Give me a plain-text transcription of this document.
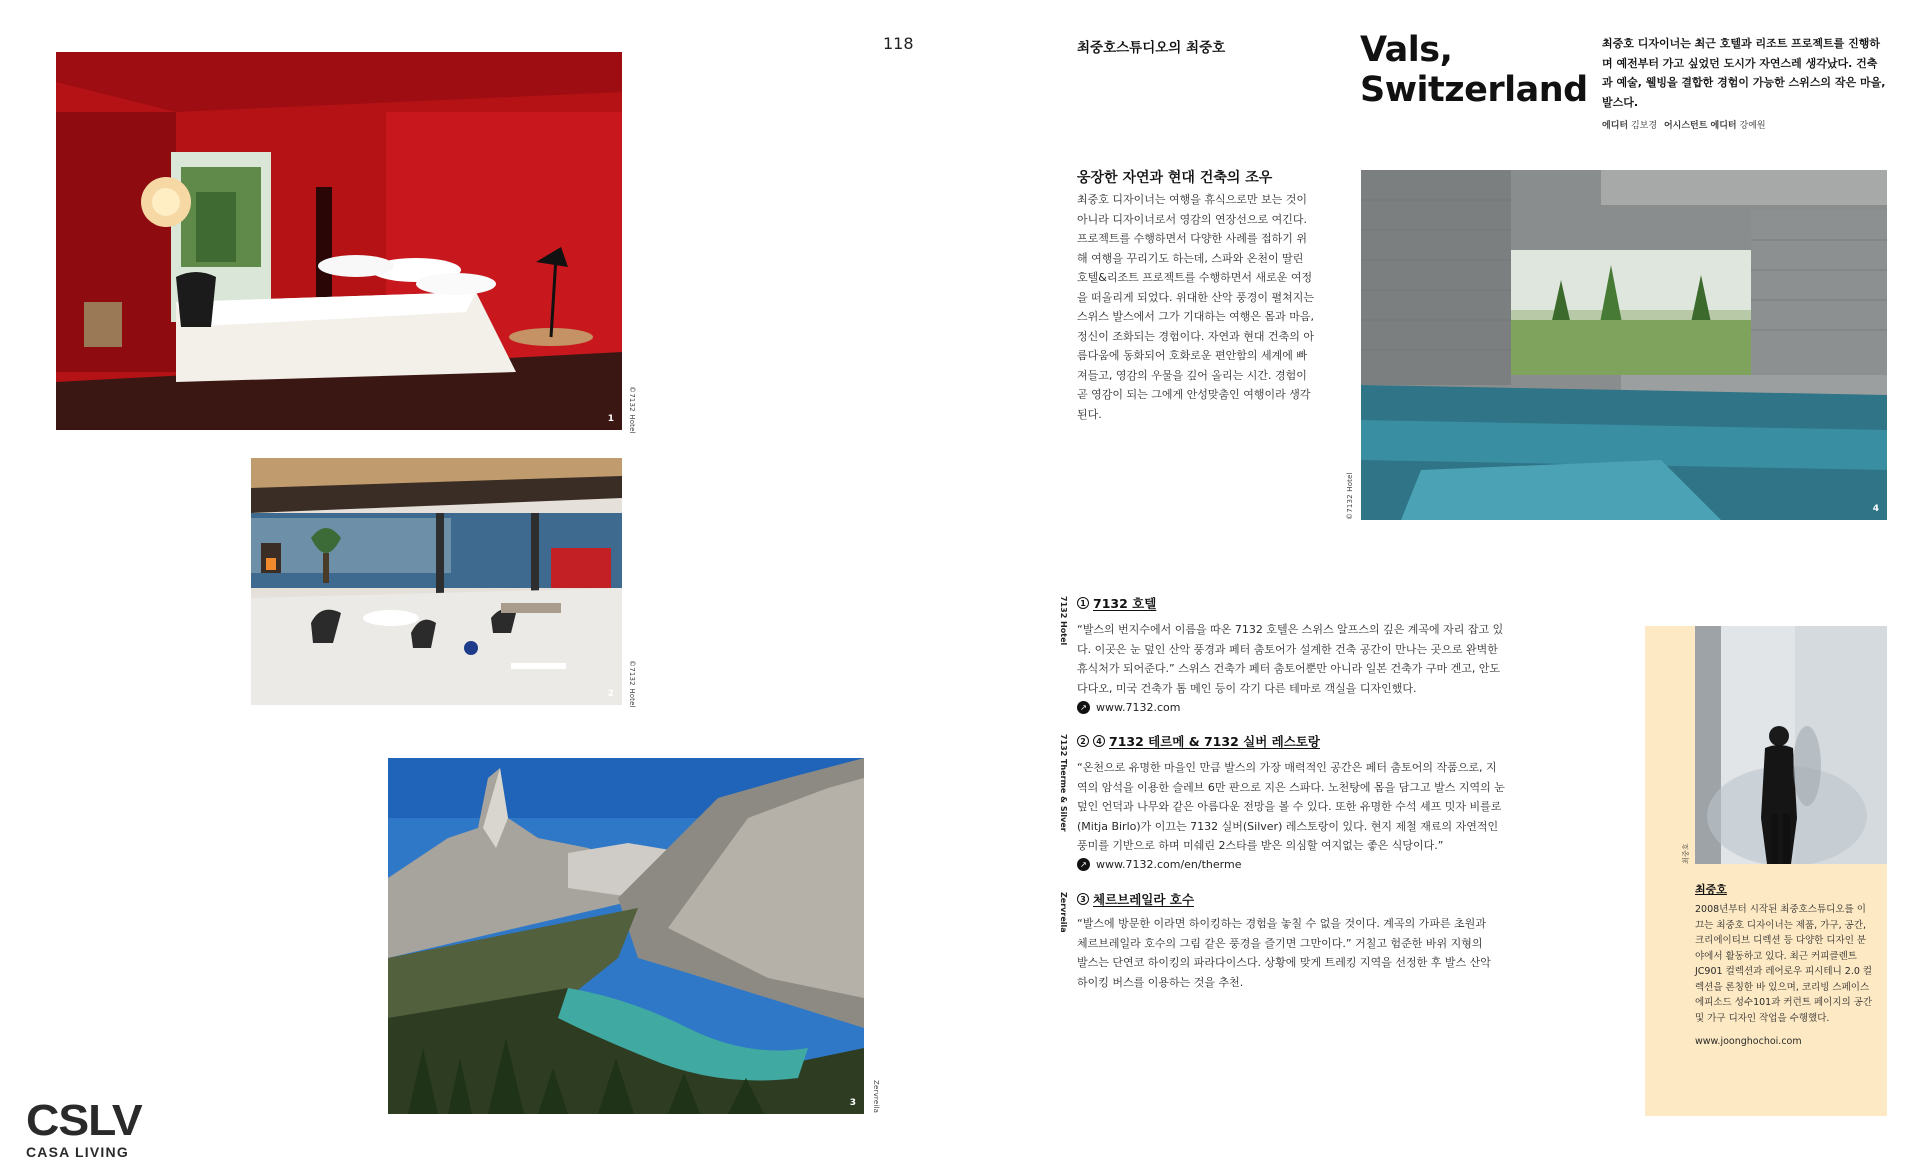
1 ©7132 Hotel
2 ©7132 Hotel
3 Zervreila
CSLV
CASA LIVING
118	최중호스튜디오의 최중호	Vals,
Switzerland
최중호 디자이너는 최근 호텔과 리조트 프로젝트를 진행하며 예전부터 가고 싶었던 도시가 자연스레 생각났다. 건축과 예술, 웰빙을 결합한 경험이 가능한 스위스의 작은 마을, 발스다.
에디터 김보경 어시스턴트 에디터 강예원
웅장한 자연과 현대 건축의 조우
최중호 디자이너는 여행을 휴식으로만 보는 것이 아니라 디자이너로서 영감의 연장선으로 여긴다. 프로젝트를 수행하면서 다양한 사례를 접하기 위해 여행을 꾸리기도 하는데, 스파와 온천이 딸린 호텔&리조트 프로젝트를 수행하면서 새로운 여정을 떠올리게 되었다. 위대한 산악 풍경이 펼쳐지는 스위스 발스에서 그가 기대하는 여행은 몸과 마음, 정신이 조화되는 경험이다. 자연과 현대 건축의 아름다움에 동화되어 호화로운 편안함의 세계에 빠져들고, 영감의 우물을 깊어 올리는 시간. 경험이 곧 영감이 되는 그에게 안성맞춤인 여행이라 생각된다.
4
©7132 Hotel
7132 Hotel	1 7132 호텔
“발스의 번지수에서 이름을 따온 7132 호텔은 스위스 알프스의 깊은 계곡에 자리 잡고 있다. 이곳은 눈 덮인 산악 풍경과 페터 춤토어가 설계한 건축 공간이 만나는 곳으로 완벽한 휴식처가 되어준다.” 스위스 건축가 페터 춤토어뿐만 아니라 일본 건축가 구마 겐고, 안도 다다오, 미국 건축가 톰 메인 등이 각기 다른 테마로 객실을 디자인했다.
↗ www.7132.com
7132 Therme & Silver	2	4 7132 테르메 & 7132 실버 레스토랑
“온천으로 유명한 마을인 만큼 발스의 가장 매력적인 공간은 페터 춤토어의 작품으로, 지역의 암석을 이용한 슬레브 6만 판으로 지은 스파다. 노천탕에 몸을 담그고 발스 지역의 눈 덮인 언덕과 나무와 같은 아름다운 전망을 볼 수 있다. 또한 유명한 수석 셰프 밋자 비를로(Mitja Birlo)가 이끄는 7132 실버(Silver) 레스토랑이 있다. 현지 제철 재료의 자연적인 풍미를 기반으로 하며 미쉐린 2스타를 받은 의심할 여지없는 좋은 식당이다.”
↗ www.7132.com/en/therme
Zervreila	3 체르브레일라 호수
“발스에 방문한 이라면 하이킹하는 경험을 놓칠 수 없을 것이다. 계곡의 가파른 초원과 체르브레일라 호수의 그림 같은 풍경을 즐기면 그만이다.” 거칠고 험준한 바위 지형의 발스는 단연코 하이킹의 파라다이스다. 상황에 맞게 트레킹 지역을 선정한 후 발스 산악 하이킹 버스를 이용하는 것을 추천.
최중호
최중호
2008년부터 시작된 최중호스튜디오를 이끄는 최중호 디자이너는 제품, 가구, 공간, 크리에이티브 디렉션 등 다양한 디자인 분야에서 활동하고 있다. 최근 커피클렌트 JC901 컬렉션과 레어로우 피시테니 2.0 컬렉션을 론칭한 바 있으며, 코리빙 스페이스 에피소드 성수101과 커런트 페이지의 공간 및 가구 디자인 작업을 수행했다.
www.joonghochoi.com
